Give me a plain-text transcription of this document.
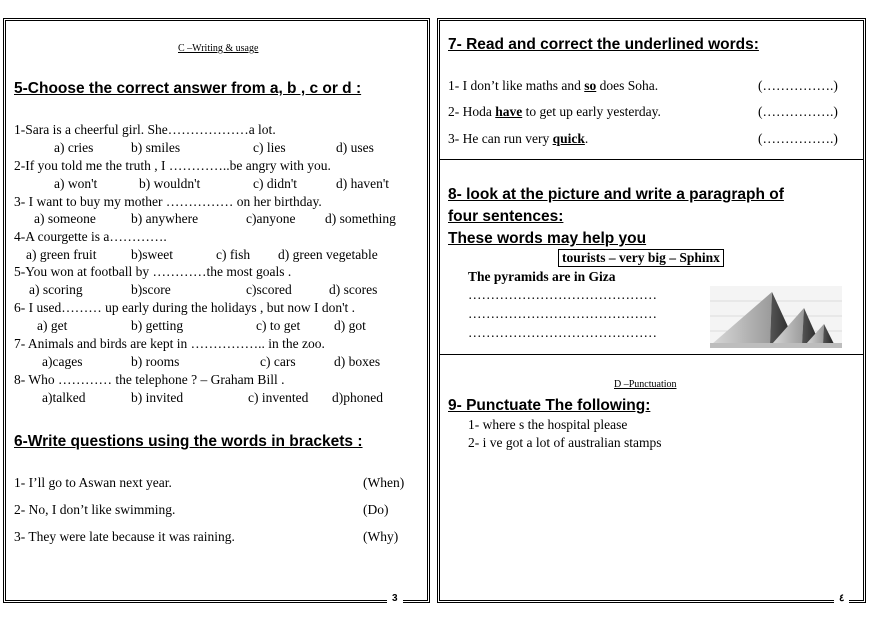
C –Writing & usage
5-Choose the correct answer from a, b , c or d :
1-Sara is a cheerful girl. She………………a lot.
a) cries	b) smiles	c) lies	d) uses
2-If you told me the truth , I …………..be angry with you.
a) won't	b) wouldn't	c) didn't	d) haven't
3- I want to buy my mother …………… on her birthday.
a) someone	b) anywhere	c)anyone d) something
4-A courgette is a………….
a) green fruit	b)sweet	c) fish d) green vegetable
5-You won at football by …………the most goals .
a) scoring	b)score	c)scored	d) scores
6- I used……… up early during the holidays , but now I don't .
a) get	b) getting	c) to get	d) got
7- Animals and birds are kept in …………….. in the zoo.
a)cages	b) rooms	c) cars	d) boxes
8- Who ………… the telephone ? – Graham Bill .
a)talked	b) invited	c) invented d)phoned
6-Write questions using the words in brackets :
1- I’ll go to Aswan next year.	(When)
2- No, I don’t like swimming.	(Do)
3- They were late because it was raining.	(Why)
3
7- Read and correct the underlined words:
1- I don’t like maths and so does Soha.	(…………….)
2- Hoda have to get up early yesterday.	(…………….)
3- He can run very quick.	(…………….)
8- look at the picture and write a paragraph of
four sentences:
These words may help you
tourists – very big – Sphinx
The pyramids are in Giza
……………………………………
……………………………………
……………………………………
D –Punctuation
9- Punctuate The following:
1- where s the hospital please
2- i ve got a lot of australian stamps
٤
